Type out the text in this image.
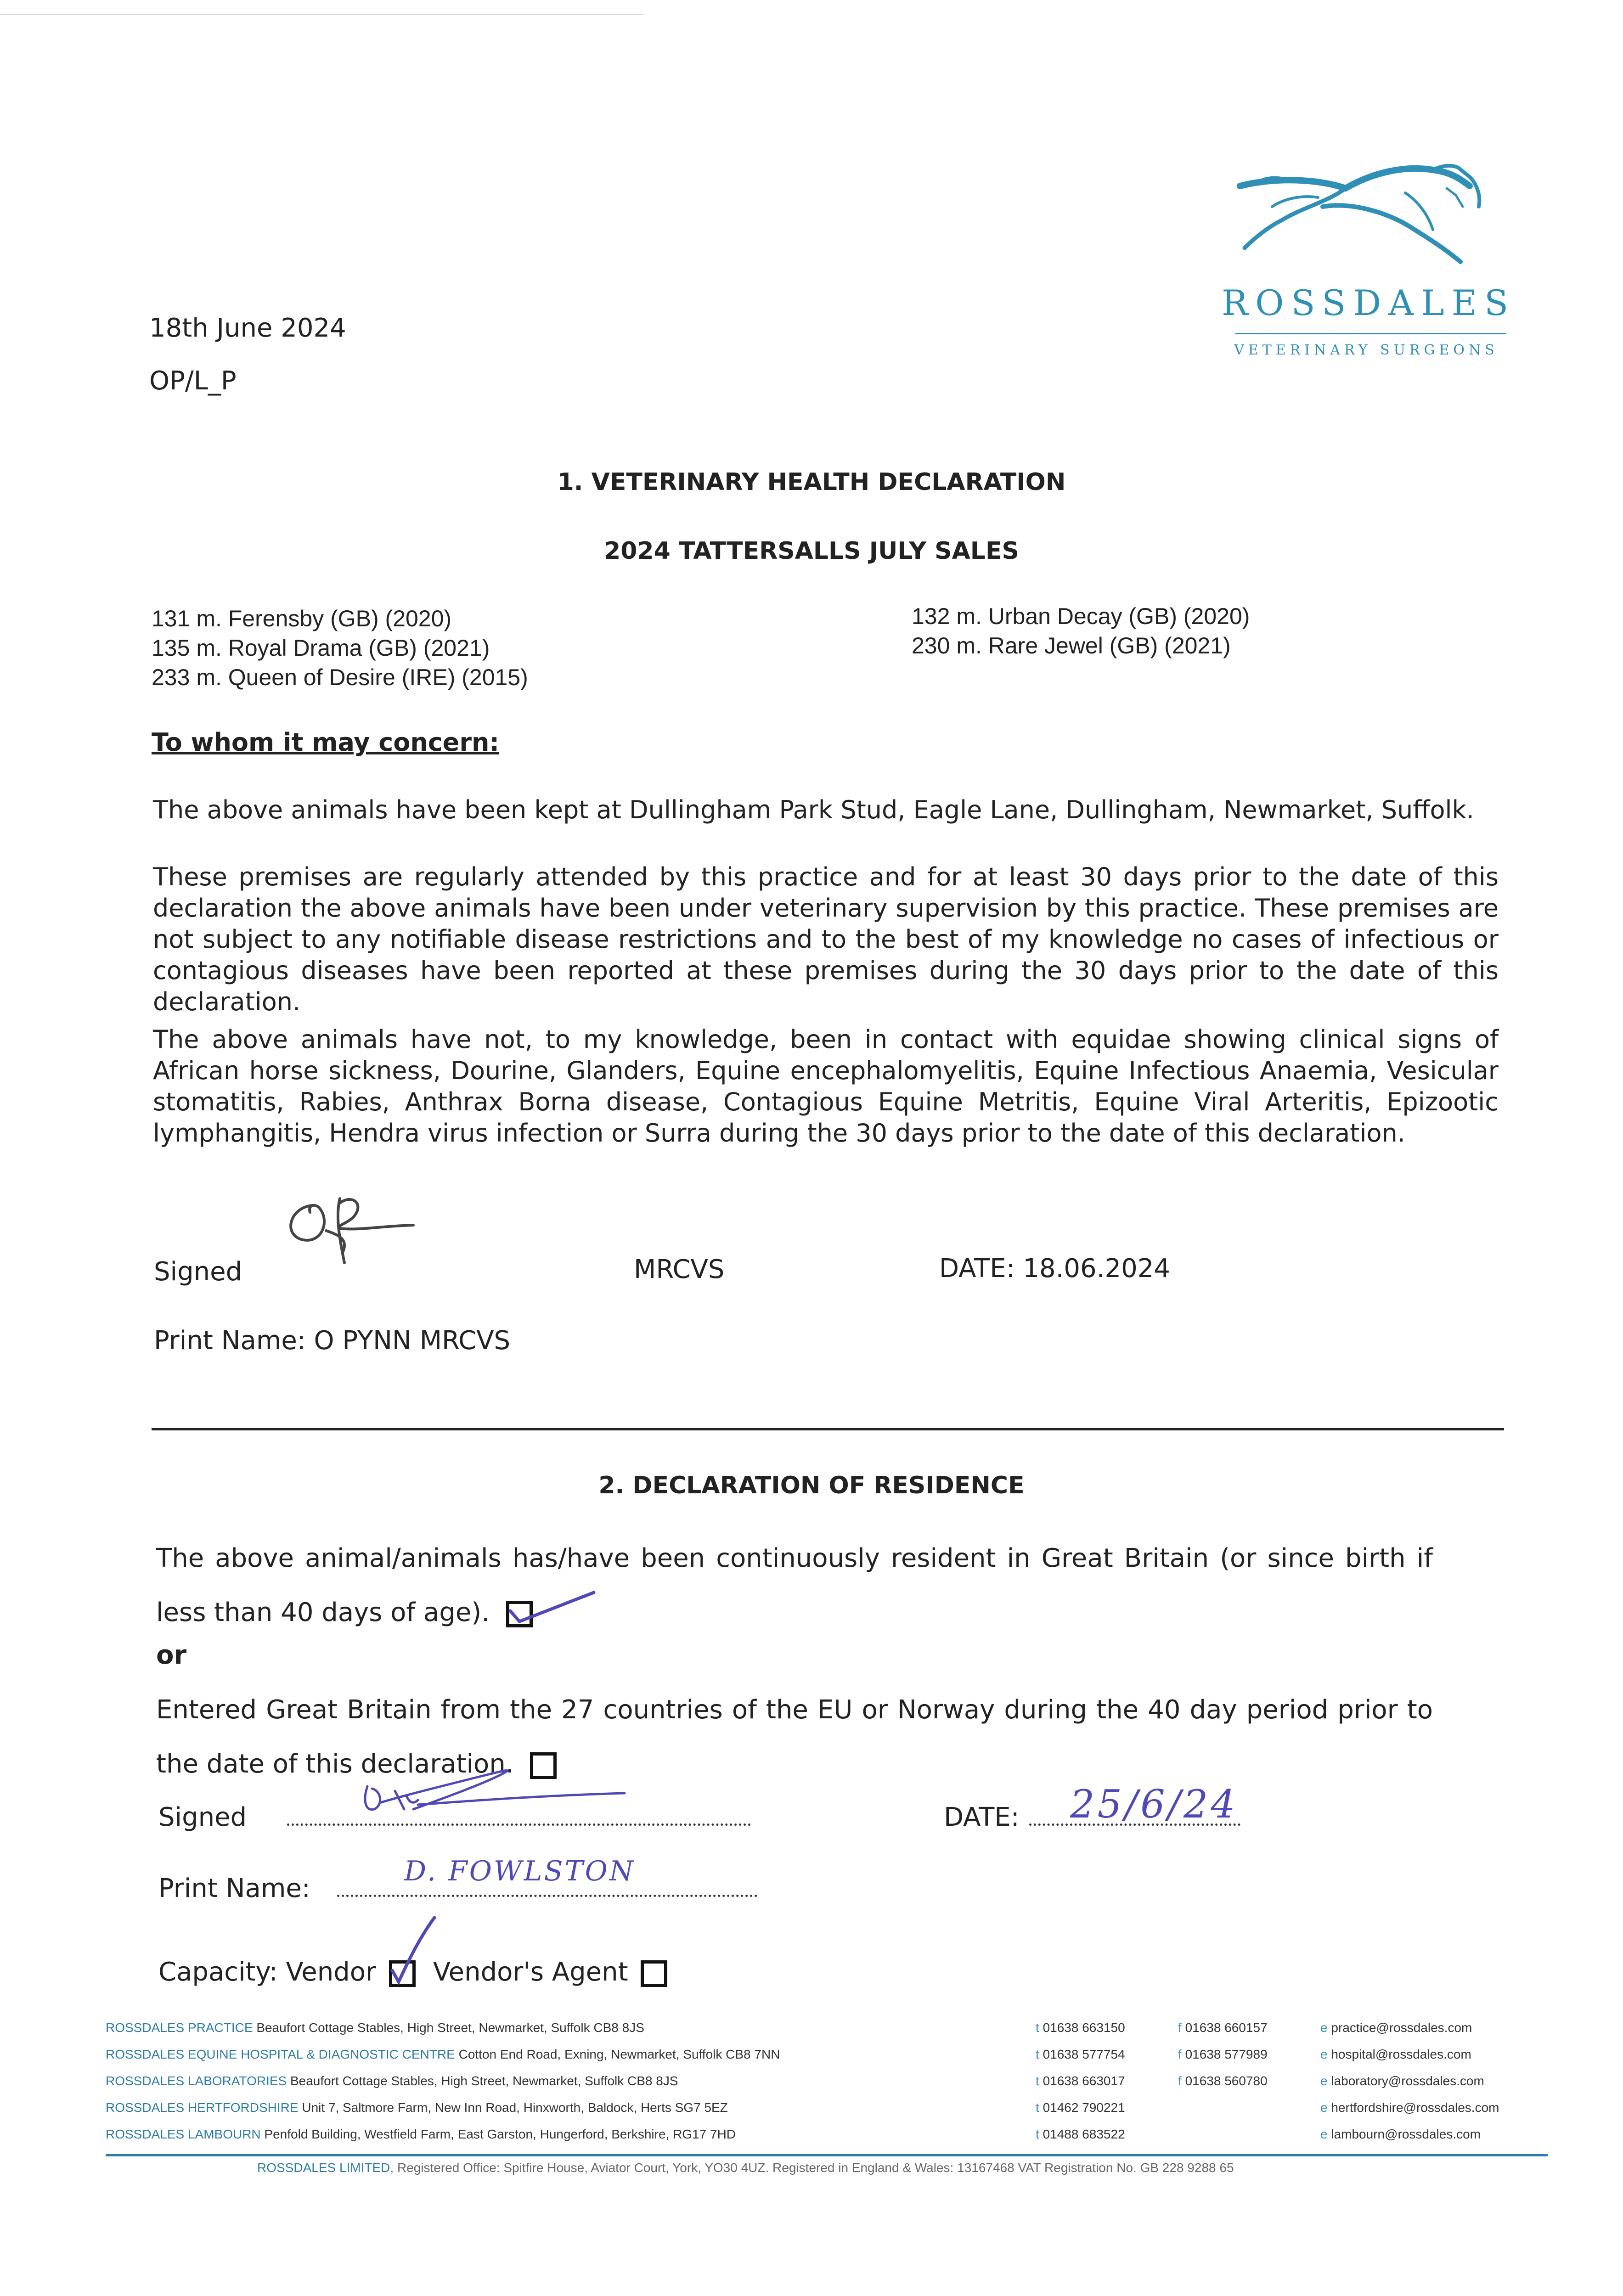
ROSSDALES
VETERINARY SURGEONS
18th June 2024
OP/L_P
1. VETERINARY HEALTH DECLARATION
2024 TATTERSALLS JULY SALES
131 m. Ferensby (GB) (2020)
135 m. Royal Drama (GB) (2021)
233 m. Queen of Desire (IRE) (2015)
132 m. Urban Decay (GB) (2020)
230 m. Rare Jewel (GB) (2021)
To whom it may concern:
The above animals have been kept at Dullingham Park Stud, Eagle Lane, Dullingham, Newmarket, Suffolk.
These premises are regularly attended by this practice and for at least 30 days prior to the date of this declaration the above animals have been under veterinary supervision by this practice. These premises are not subject to any notifiable disease restrictions and to the best of my knowledge no cases of infectious or contagious diseases have been reported at these premises during the 30 days prior to the date of this declaration.
The above animals have not, to my knowledge, been in contact with equidae showing clinical signs of African horse sickness, Dourine, Glanders, Equine encephalomyelitis, Equine Infectious Anaemia, Vesicular stomatitis, Rabies, Anthrax Borna disease, Contagious Equine Metritis, Equine Viral Arteritis, Epizootic lymphangitis, Hendra virus infection or Surra during the 30 days prior to the date of this declaration.
Signed	MRCVS	DATE: 18.06.2024
Print Name: O PYNN MRCVS
2. DECLARATION OF RESIDENCE
The above animal/animals has/have been continuously resident in Great Britain (or since birth if less than 40 days of age).
or
Entered Great Britain from the 27 countries of the EU or Norway during the 40 day period prior to the date of this declaration.
Signed	DATE:	25/6/24
Print Name:
D. FOWLSTON
Capacity: Vendor Vendor's Agent
ROSSDALES PRACTICE Beaufort Cottage Stables, High Street, Newmarket, Suffolk CB8 8JS	t 01638 663150	f 01638 660157	e practice@rossdales.com
ROSSDALES EQUINE HOSPITAL & DIAGNOSTIC CENTRE Cotton End Road, Exning, Newmarket, Suffolk CB8 7NN	t 01638 577754	f 01638 577989	e hospital@rossdales.com
ROSSDALES LABORATORIES Beaufort Cottage Stables, High Street, Newmarket, Suffolk CB8 8JS	t 01638 663017	f 01638 560780	e laboratory@rossdales.com
ROSSDALES HERTFORDSHIRE Unit 7, Saltmore Farm, New Inn Road, Hinxworth, Baldock, Herts SG7 5EZ	t 01462 790221	e hertfordshire@rossdales.com
ROSSDALES LAMBOURN Penfold Building, Westfield Farm, East Garston, Hungerford, Berkshire, RG17 7HD	t 01488 683522	e lambourn@rossdales.com
ROSSDALES LIMITED, Registered Office: Spitfire House, Aviator Court, York, YO30 4UZ. Registered in England & Wales: 13167468 VAT Registration No. GB 228 9288 65
